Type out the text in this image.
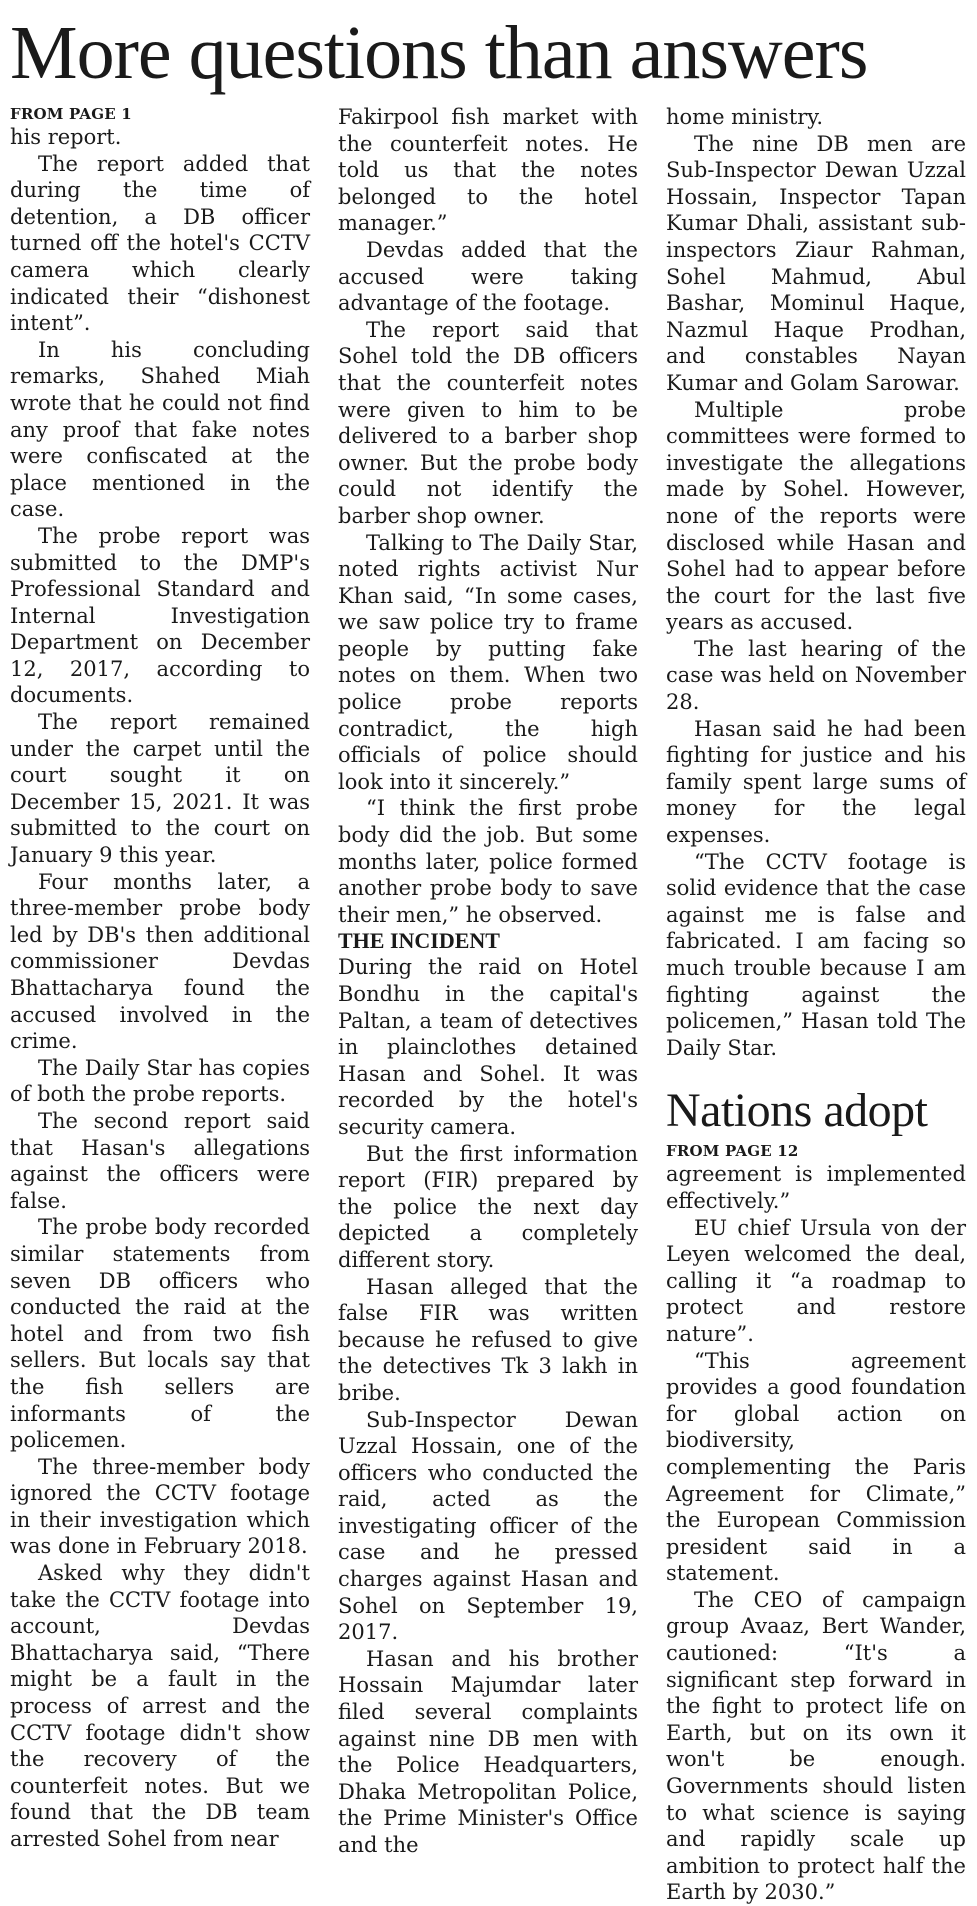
More questions than answers

FROM PAGE 1

his report.

The report added that during the time of detention, a DB officer turned off the hotel's CCTV camera which clearly indicated their “dishonest intent”.

In his concluding remarks, Shahed Miah wrote that he could not find any proof that fake notes were confiscated at the place mentioned in the case.

The probe report was submitted to the DMP's Professional Standard and Internal Investigation Department on December 12, 2017, according to documents.

The report remained under the carpet until the court sought it on December 15, 2021. It was submitted to the court on January 9 this year.

Four months later, a three-member probe body led by DB's then additional commissioner Devdas Bhattacharya found the accused involved in the crime.

The Daily Star has copies of both the probe reports.

The second report said that Hasan's allegations against the officers were false.

The probe body recorded similar statements from seven DB officers who conducted the raid at the hotel and from two fish sellers. But locals say that the fish sellers are informants of the policemen.

The three-member body ignored the CCTV footage in their investigation which was done in February 2018.

Asked why they didn't take the CCTV footage into account, Devdas Bhattacharya said, “There might be a fault in the process of arrest and the CCTV footage didn't show the recovery of the counterfeit notes. But we found that the DB team arrested Sohel from near

Fakirpool fish market with the counterfeit notes. He told us that the notes belonged to the hotel manager.”

Devdas added that the accused were taking advantage of the footage.

The report said that Sohel told the DB officers that the counterfeit notes were given to him to be delivered to a barber shop owner. But the probe body could not identify the barber shop owner.

Talking to The Daily Star, noted rights activist Nur Khan said, “In some cases, we saw police try to frame people by putting fake notes on them. When two police probe reports contradict, the high officials of police should look into it sincerely.”

“I think the first probe body did the job. But some months later, police formed another probe body to save their men,” he observed.

THE INCIDENT

During the raid on Hotel Bondhu in the capital's Paltan, a team of detectives in plainclothes detained Hasan and Sohel. It was recorded by the hotel's security camera.

But the first information report (FIR) prepared by the police the next day depicted a completely different story.

Hasan alleged that the false FIR was written because he refused to give the detectives Tk 3 lakh in bribe.

Sub-Inspector Dewan Uzzal Hossain, one of the officers who conducted the raid, acted as the investigating officer of the case and he pressed charges against Hasan and Sohel on September 19, 2017.

Hasan and his brother Hossain Majumdar later filed several complaints against nine DB men with the Police Headquarters, Dhaka Metropolitan Police, the Prime Minister's Office and the

home ministry.

The nine DB men are Sub-Inspector Dewan Uzzal Hossain, Inspector Tapan Kumar Dhali, assistant sub-inspectors Ziaur Rahman, Sohel Mahmud, Abul Bashar, Mominul Haque, Nazmul Haque Prodhan, and constables Nayan Kumar and Golam Sarowar.

Multiple probe committees were formed to investigate the allegations made by Sohel. However, none of the reports were disclosed while Hasan and Sohel had to appear before the court for the last five years as accused.

The last hearing of the case was held on November 28.

Hasan said he had been fighting for justice and his family spent large sums of money for the legal expenses.

“The CCTV footage is solid evidence that the case against me is false and fabricated. I am facing so much trouble because I am fighting against the policemen,” Hasan told The Daily Star.

Nations adopt

FROM PAGE 12

agreement is implemented effectively.”

EU chief Ursula von der Leyen welcomed the deal, calling it “a roadmap to protect and restore nature”.

“This agreement provides a good foundation for global action on biodiversity, complementing the Paris Agreement for Climate,” the European Commission president said in a statement.

The CEO of campaign group Avaaz, Bert Wander, cautioned: “It's a significant step forward in the fight to protect life on Earth, but on its own it won't be enough. Governments should listen to what science is saying and rapidly scale up ambition to protect half the Earth by 2030.”
